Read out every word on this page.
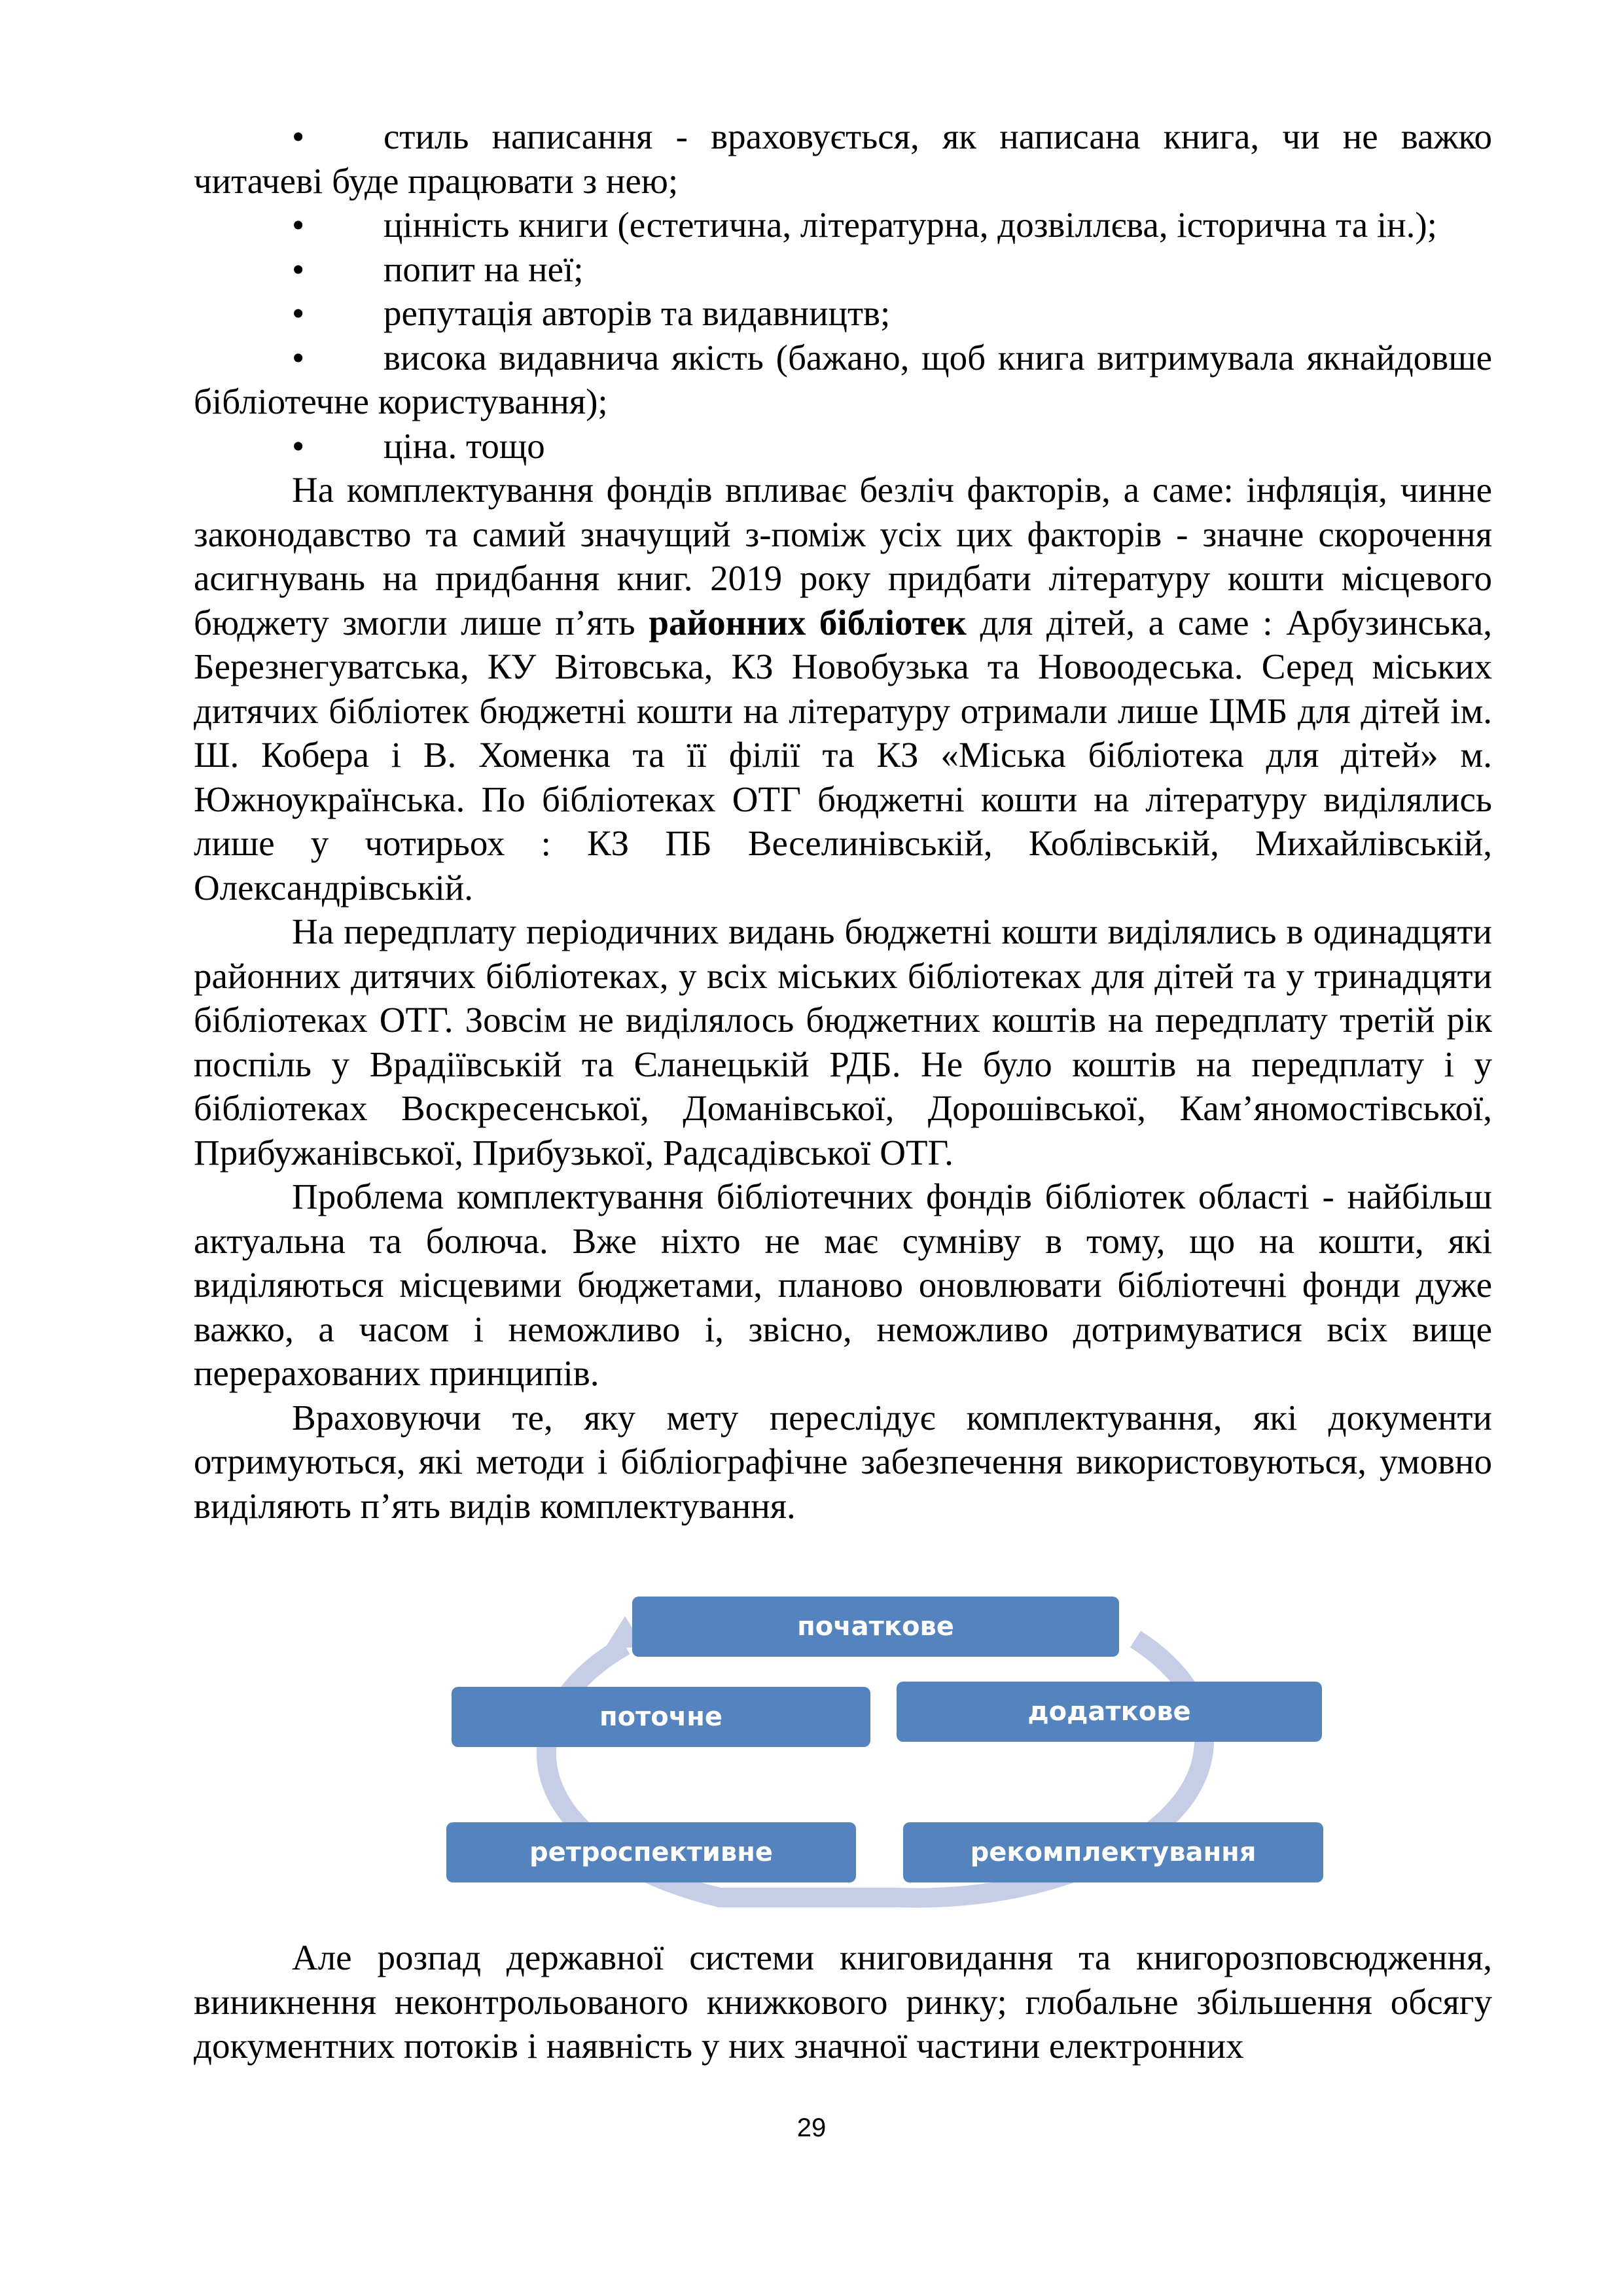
•	стиль написання - враховується, як написана книга, чи не важко читачеві буде працювати з нею;
•	цінність книги (естетична, літературна, дозвіллєва, історична та ін.);
•	попит на неї;
•	репутація авторів та видавництв;
•	висока видавнича якість (бажано, щоб книга витримувала якнайдовше бібліотечне користування);
•	ціна. тощо

На комплектування фондів впливає безліч факторів, а саме: інфляція, чинне законодавство та самий значущий з-поміж усіх цих факторів - значне скорочення асигнувань на придбання книг. 2019 року придбати літературу кошти місцевого бюджету змогли лише п’ять районних бібліотек для дітей, а саме : Арбузинська, Березнегуватська, КУ Вітовська, КЗ Новобузька та Новоодеська. Серед міських дитячих бібліотек бюджетні кошти на літературу отримали лише ЦМБ для дітей ім. Ш. Кобера і В. Хоменка та її філії та КЗ «Міська бібліотека для дітей» м. Южноукраїнська. По бібліотеках ОТГ бюджетні кошти на літературу виділялись лише у чотирьох : КЗ ПБ Веселинівській, Коблівській, Михайлівській, Олександрівській.

На передплату періодичних видань бюджетні кошти виділялись в одинадцяти районних дитячих бібліотеках, у всіх міських бібліотеках для дітей та у тринадцяти бібліотеках ОТГ. Зовсім не виділялось бюджетних коштів на передплату третій рік поспіль у Врадіївській та Єланецькій РДБ. Не було коштів на передплату і у бібліотеках Воскресенської, Доманівської, Дорошівської, Кам’яномостівської, Прибужанівської, Прибузької, Радсадівської ОТГ.

Проблема комплектування бібліотечних фондів бібліотек області - найбільш актуальна та болюча. Вже ніхто не має сумніву в тому, що на кошти, які виділяються місцевими бюджетами, планово оновлювати бібліотечні фонди дуже важко, а часом і неможливо і, звісно, неможливо дотримуватися всіх вище перерахованих принципів.

Враховуючи те, яку мету переслідує комплектування, які документи отримуються, які методи і бібліографічне забезпечення використовуються, умовно виділяють п’ять видів комплектування.

початкове
додаткове
рекомплектування
ретроспективне
поточне

Але розпад державної системи книговидання та книгорозповсюдження, виникнення неконтрольованого книжкового ринку; глобальне збільшення обсягу документних потоків і наявність у них значної частини електронних

29
